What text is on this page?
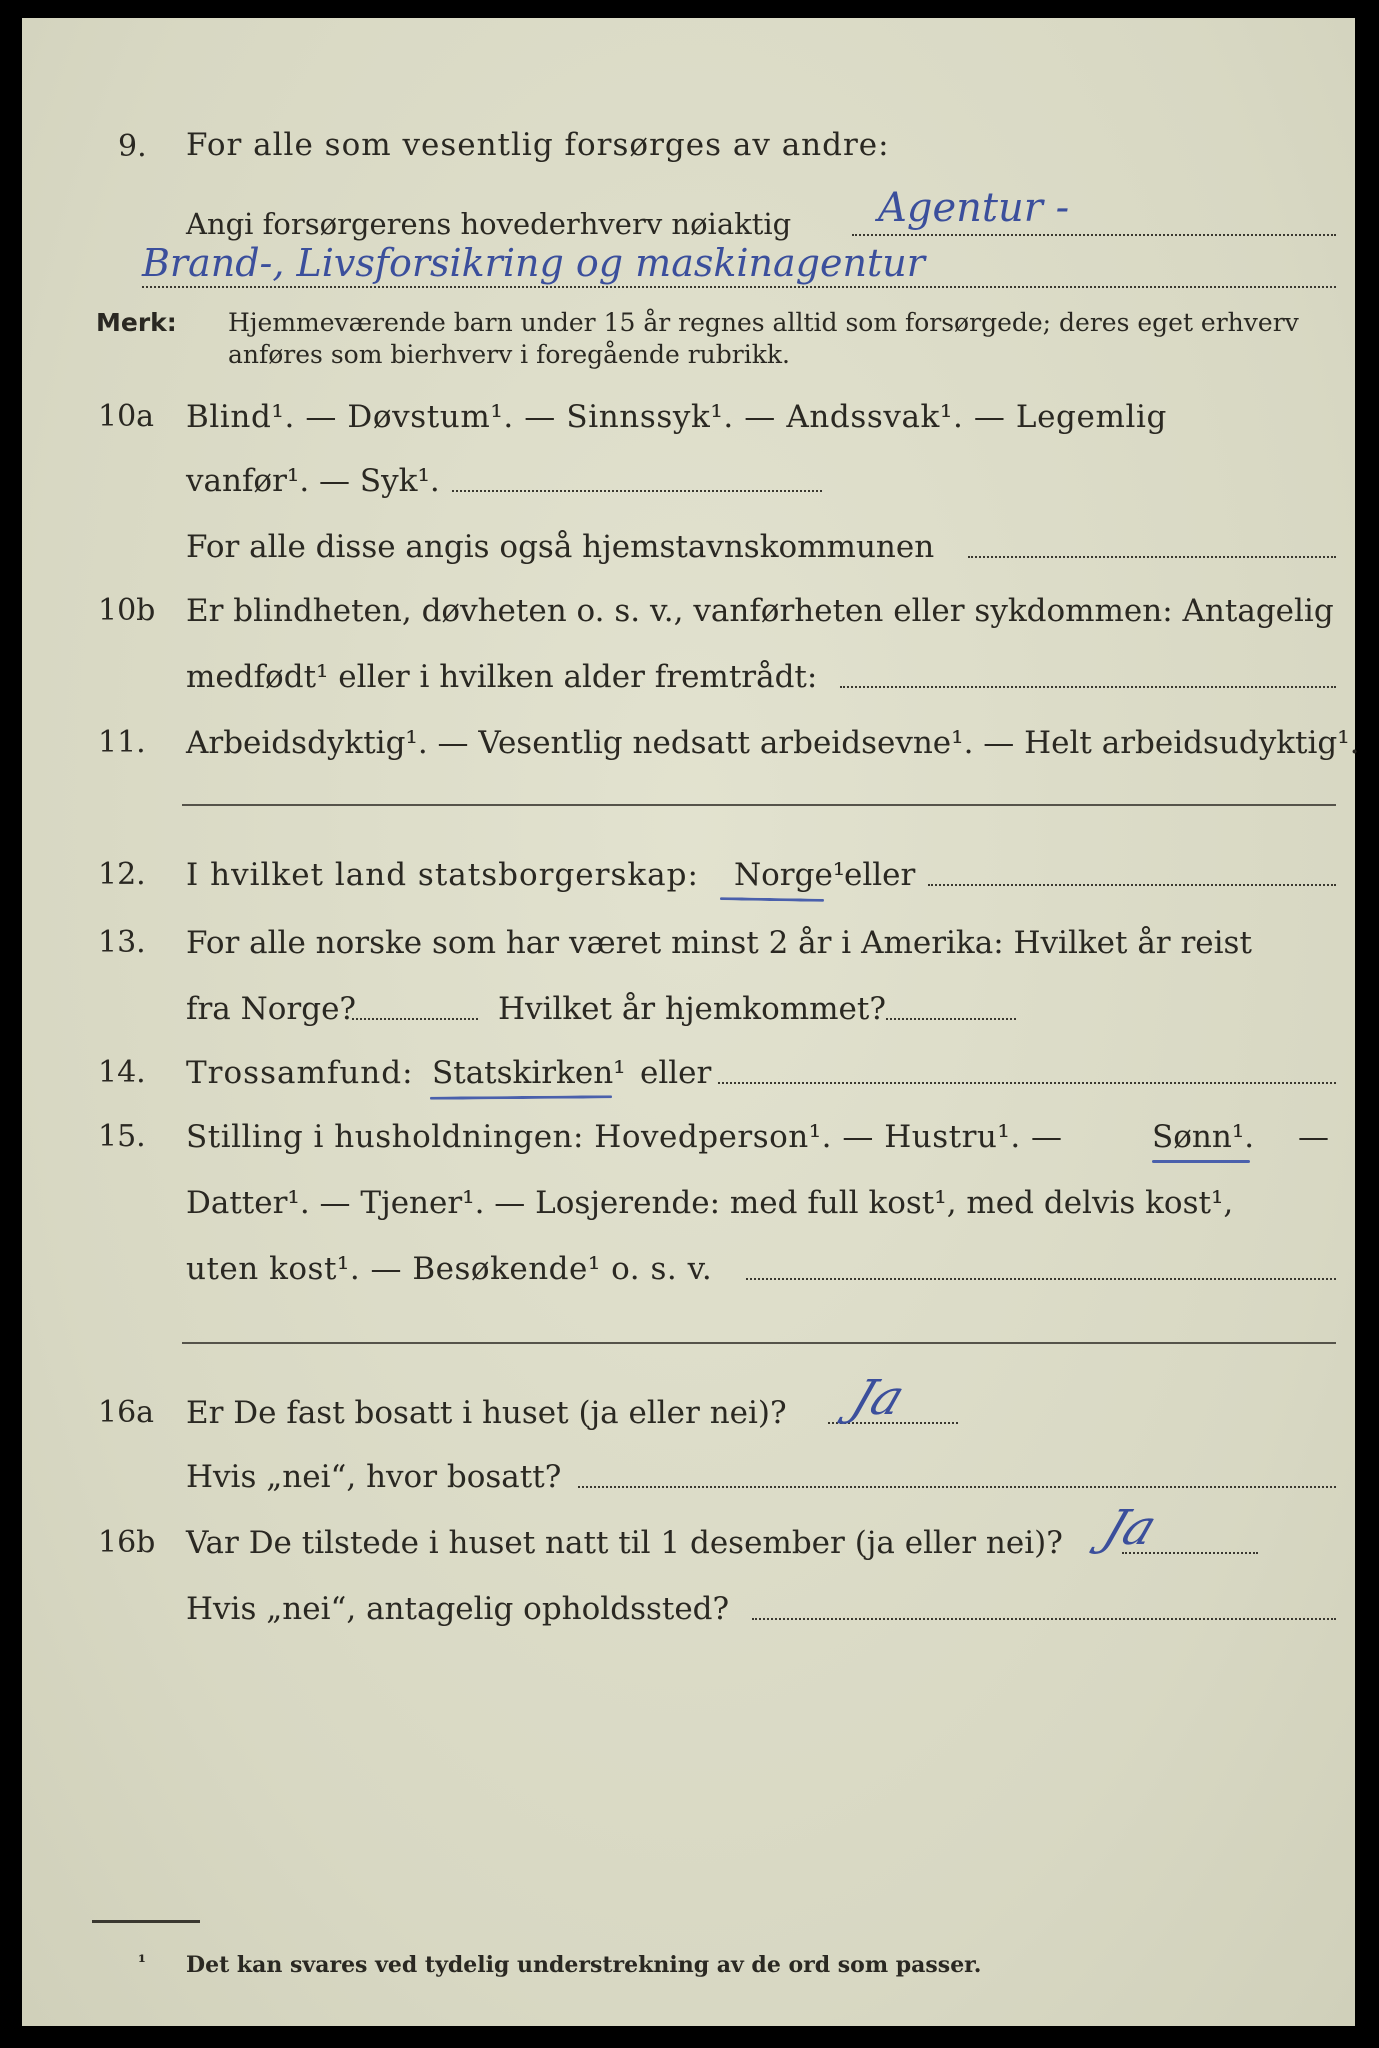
9. For alle som vesentlig forsørges av andre:
Angi forsørgerens hovederhverv nøiaktig Agentur -
Brand-, Livsforsikring og maskinagentur
Merk: Hjemmeværende barn under 15 år regnes alltid som forsørgede; deres eget erhverv
anføres som bierhverv i foregående rubrikk.
10a Blind¹. — Døvstum¹. — Sinnssyk¹. — Andssvak¹. — Legemlig
vanfør¹. — Syk¹.
For alle disse angis også hjemstavnskommunen
10b Er blindheten, døvheten o. s. v., vanførheten eller sykdommen: Antagelig
medfødt¹ eller i hvilken alder fremtrådt:
11. Arbeidsdyktig¹. — Vesentlig nedsatt arbeidsevne¹. — Helt arbeidsudyktig¹.
12. I hvilket land statsborgerskap: Norge¹
eller
13. For alle norske som har været minst 2 år i Amerika: Hvilket år reist
fra Norge?	Hvilket år hjemkommet?
14. Trossamfund: Statskirken¹ eller
15. Stilling i husholdningen: Hovedperson¹. — Hustru¹. —	Sønn¹. —
Datter¹. — Tjener¹. — Losjerende: med full kost¹, med delvis kost¹,
uten kost¹. — Besøkende¹ o. s. v.
16a Er De fast bosatt i huset (ja eller nei)? Ja
Hvis „nei“, hvor bosatt?
16b Var De tilstede i huset natt til 1 desember (ja eller nei)? Ja
Hvis „nei“, antagelig opholdssted?
¹ Det kan svares ved tydelig understrekning av de ord som passer.
